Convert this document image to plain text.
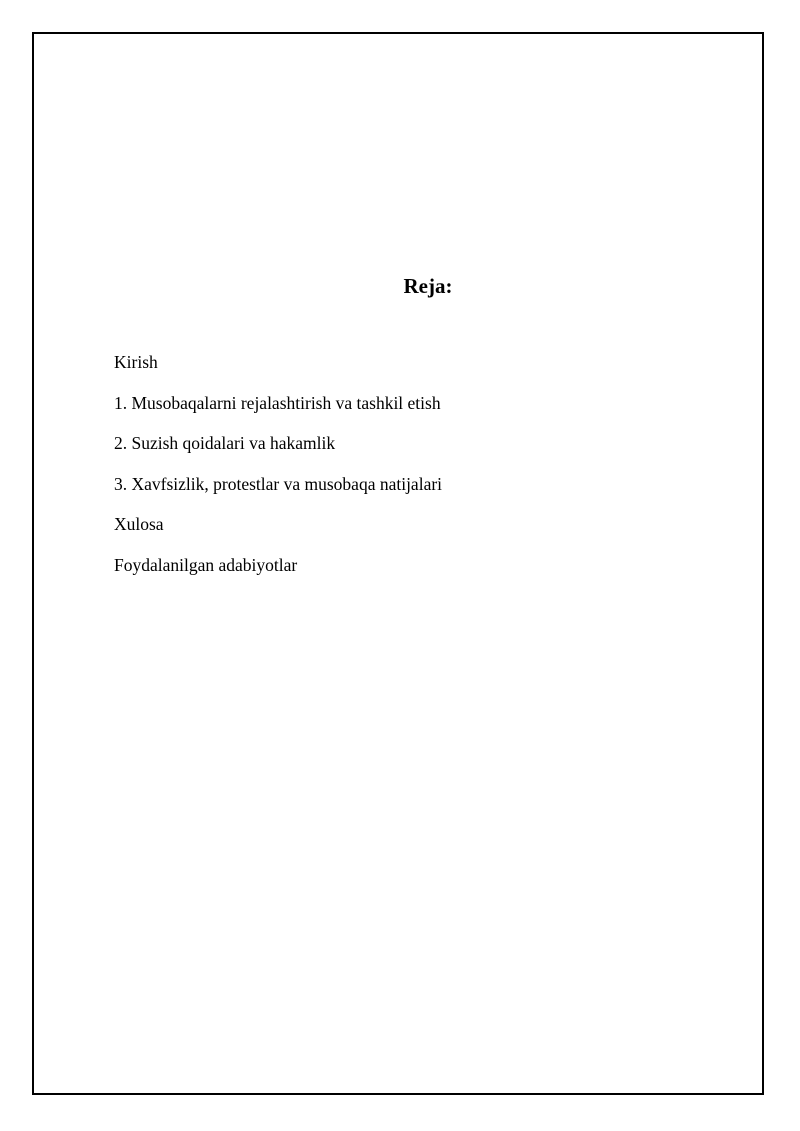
Reja:
Kirish
1. Musobaqalarni rejalashtirish va tashkil etish
2. Suzish qoidalari va hakamlik
3. Xavfsizlik, protestlar va musobaqa natijalari
Xulosa
Foydalanilgan adabiyotlar
